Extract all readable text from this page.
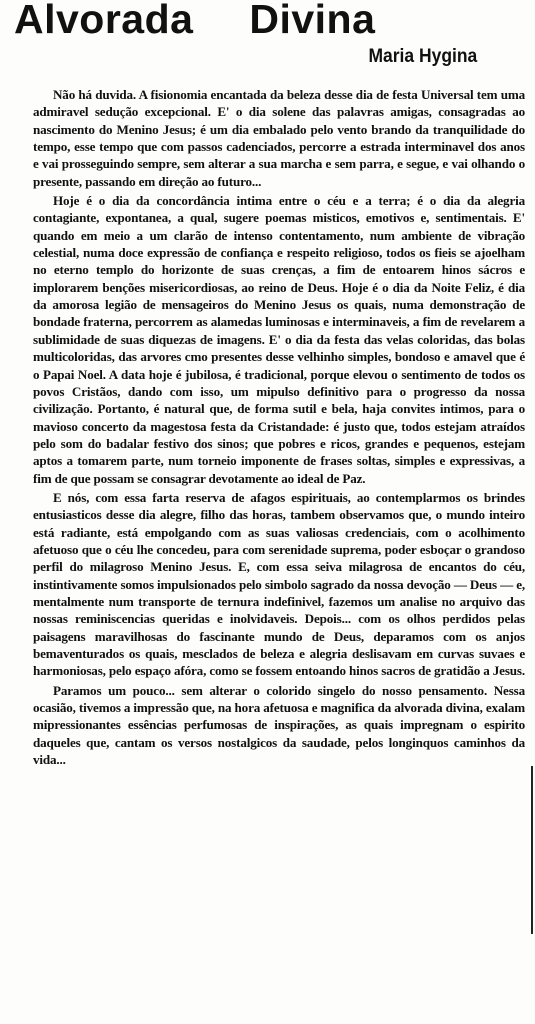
Alvorada Divina
Maria Hygina

Não há duvida. A fisionomia encantada da beleza desse dia de festa Universal tem uma admiravel sedução excepcional. E' o dia solene das palavras amigas, consagradas ao nascimento do Menino Jesus; é um dia embalado pelo vento brando da tranquilidade do tempo, esse tempo que com passos cadenciados, percorre a estrada interminavel dos anos e vai prosseguindo sempre, sem alterar a sua marcha e sem parra, e segue, e vai olhando o presente, passando em direção ao futuro...

Hoje é o dia da concordância intima entre o céu e a terra; é o dia da alegria contagiante, expontanea, a qual, sugere poemas misticos, emotivos e, sentimentais. E' quando em meio a um clarão de intenso contentamento, num ambiente de vibração celestial, numa doce expressão de confiança e respeito religioso, todos os fieis se ajoelham no eterno templo do horizonte de suas crenças, a fim de entoarem hinos sácros e implorarem benções misericordiosas, ao reino de Deus. Hoje é o dia da Noite Feliz, é dia da amorosa legião de mensageiros do Menino Jesus os quais, numa demonstração de bondade fraterna, percorrem as alamedas luminosas e interminaveis, a fim de revelarem a sublimidade de suas diquezas de imagens. E' o dia da festa das velas coloridas, das bolas multicoloridas, das arvores cmo presentes desse velhinho simples, bondoso e amavel que é o Papai Noel. A data hoje é jubilosa, é tradicional, porque elevou o sentimento de todos os povos Cristãos, dando com isso, um mipulso definitivo para o progresso da nossa civilização. Portanto, é natural que, de forma sutil e bela, haja convites intimos, para o mavioso concerto da magestosa festa da Cristandade: é justo que, todos estejam atraídos pelo som do badalar festivo dos sinos; que pobres e ricos, grandes e pequenos, estejam aptos a tomarem parte, num torneio imponente de frases soltas, simples e expressivas, a fim de que possam se consagrar devotamente ao ideal de Paz.

E nós, com essa farta reserva de afagos espirituais, ao contemplarmos os brindes entusiasticos desse dia alegre, filho das horas, tambem observamos que, o mundo inteiro está radiante, está empolgando com as suas valiosas credenciais, com o acolhimento afetuoso que o céu lhe concedeu, para com serenidade suprema, poder esboçar o grandoso perfil do milagroso Menino Jesus. E, com essa seiva milagrosa de encantos do céu, instintivamente somos impulsionados pelo simbolo sagrado da nossa devoção — Deus — e, mentalmente num transporte de ternura indefinivel, fazemos um analise no arquivo das nossas reminiscencias queridas e inolvidaveis. Depois... com os olhos perdidos pelas paisagens maravilhosas do fascinante mundo de Deus, deparamos com os anjos bemaventurados os quais, mesclados de beleza e alegria deslisavam em curvas suvaes e harmoniosas, pelo espaço afóra, como se fossem entoando hinos sacros de gratidão a Jesus.

Paramos um pouco... sem alterar o colorido singelo do nosso pensamento. Nessa ocasião, tivemos a impressão que, na hora afetuosa e magnifica da alvorada divina, exalam mipressionantes essências perfumosas de inspirações, as quais impregnam o espirito daqueles que, cantam os versos nostalgicos da saudade, pelos longinquos caminhos da vida...
